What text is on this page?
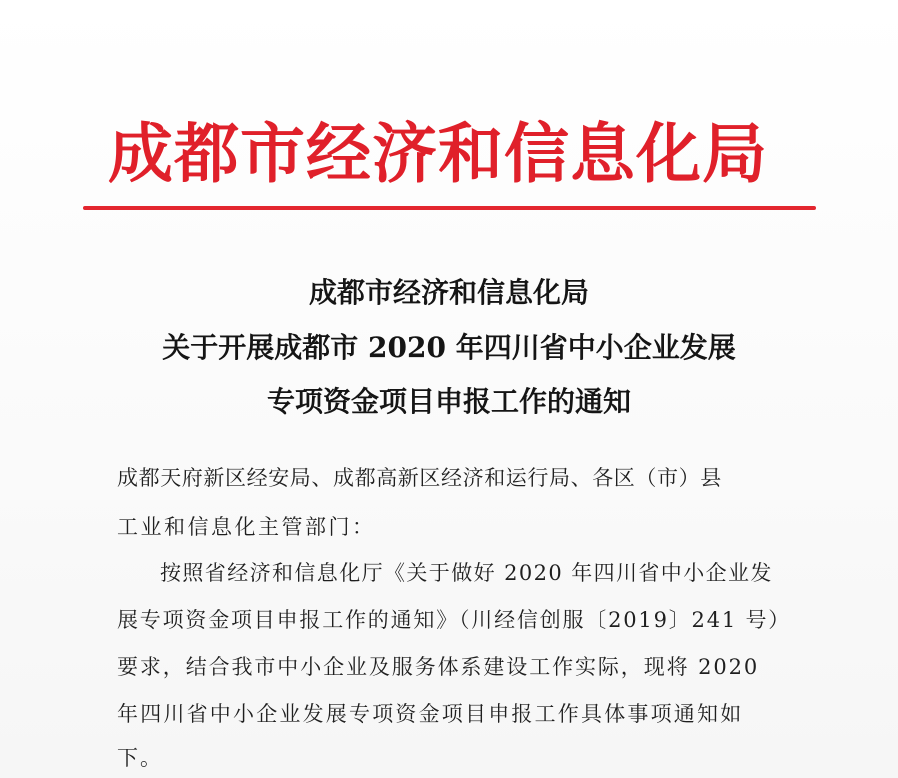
成都市经济和信息化局
成都市经济和信息化局
关于开展成都市 2020 年四川省中小企业发展
专项资金项目申报工作的通知
成都天府新区经安局、成都高新区经济和运行局、各区（市）县
工业和信息化主管部门：
按照省经济和信息化厅《关于做好 2020 年四川省中小企业发
展专项资金项目申报工作的通知》（川经信创服〔2019〕241 号）
要求，结合我市中小企业及服务体系建设工作实际，现将 2020
年四川省中小企业发展专项资金项目申报工作具体事项通知如
下。
